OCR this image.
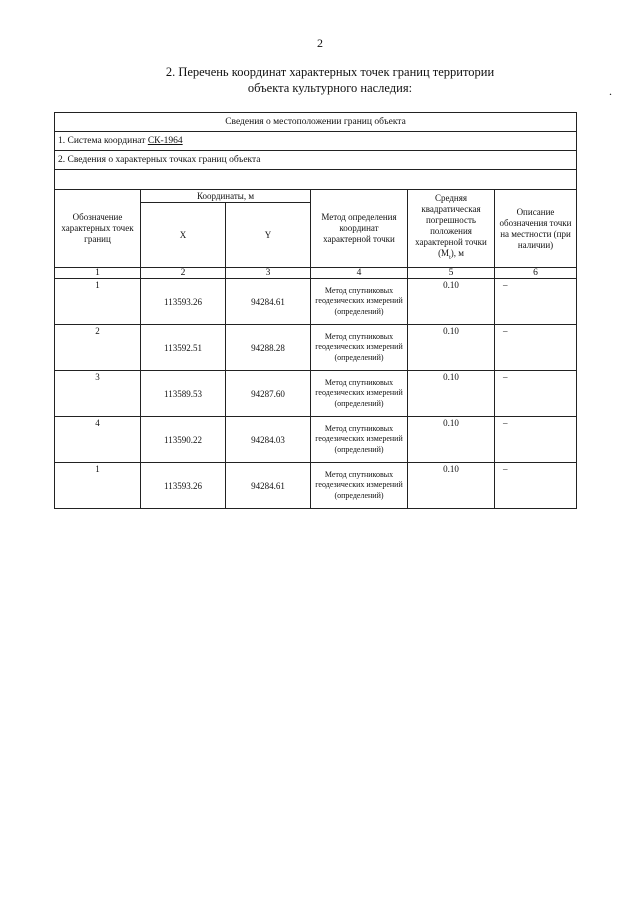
2
2. Перечень координат характерных точек границ территории
объекта культурного наследия:	.
Сведения о местоположении границ объекта					
1. Система координат СК-1964					
2. Сведения о характерных точках границ объекта					

Обозначение характерных точек границ	Координаты, м		Метод определения координат характерной точки	Средняя квадратическая погрешность положения характерной точки $(M_t)$, м	Описание обозначения точки на местности (при наличии)
	X	Y			
1	2	3	4	5	6
1	113593.26	94284.61	Метод спутниковых геодезических измерений (определений)	0.10	–
2	113592.51	94288.28	Метод спутниковых геодезических измерений (определений)	0.10	–
3	113589.53	94287.60	Метод спутниковых геодезических измерений (определений)	0.10	–
4	113590.22	94284.03	Метод спутниковых геодезических измерений (определений)	0.10	–
1	113593.26	94284.61	Метод спутниковых геодезических измерений (определений)	0.10	–
